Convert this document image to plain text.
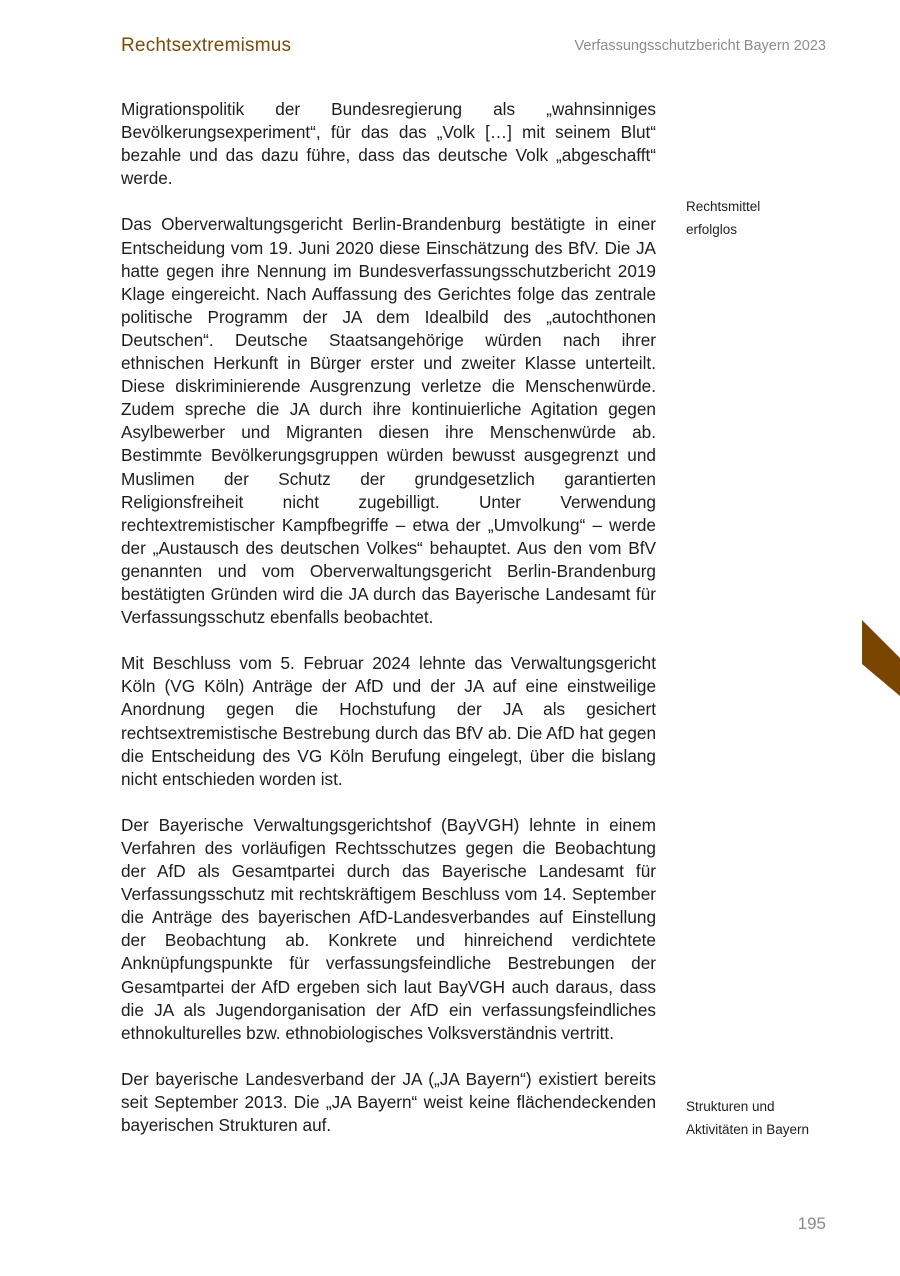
Rechtsextremismus	Verfassungsschutzbericht Bayern 2023

Migrationspolitik der Bundesregierung als „wahnsinniges Bevölkerungsexperiment“, für das das „Volk […] mit seinem Blut“ bezahle und das dazu führe, dass das deutsche Volk „abgeschafft“ werde.

Das Oberverwaltungsgericht Berlin-Brandenburg bestätigte in einer Entscheidung vom 19. Juni 2020 diese Einschätzung des BfV. Die JA hatte gegen ihre Nennung im Bundesverfassungsschutzbericht 2019 Klage eingereicht. Nach Auffassung des Gerichtes folge das zentrale politische Programm der JA dem Idealbild des „autochthonen Deutschen“. Deutsche Staatsangehörige würden nach ihrer ethnischen Herkunft in Bürger erster und zweiter Klasse unterteilt. Diese diskriminierende Ausgrenzung verletze die Menschenwürde. Zudem spreche die JA durch ihre kontinuierliche Agitation gegen Asylbewerber und Migranten diesen ihre Menschenwürde ab. Bestimmte Bevölkerungsgruppen würden bewusst ausgegrenzt und Muslimen der Schutz der grundgesetzlich garantierten Religionsfreiheit nicht zugebilligt. Unter Verwendung rechtextremistischer Kampfbegriffe – etwa der „Umvolkung“ – werde der „Austausch des deutschen Volkes“ behauptet. Aus den vom BfV genannten und vom Oberverwaltungsgericht Berlin-Brandenburg bestätigten Gründen wird die JA durch das Bayerische Landesamt für Verfassungsschutz ebenfalls beobachtet.

Mit Beschluss vom 5. Februar 2024 lehnte das Verwaltungsgericht Köln (VG Köln) Anträge der AfD und der JA auf eine einstweilige Anordnung gegen die Hochstufung der JA als gesichert rechtsextremistische Bestrebung durch das BfV ab. Die AfD hat gegen die Entscheidung des VG Köln Berufung eingelegt, über die bislang nicht entschieden worden ist.

Der Bayerische Verwaltungsgerichtshof (BayVGH) lehnte in einem Verfahren des vorläufigen Rechtsschutzes gegen die Beobachtung der AfD als Gesamtpartei durch das Bayerische Landesamt für Verfassungsschutz mit rechtskräftigem Beschluss vom 14. September die Anträge des bayerischen AfD-Landesverbandes auf Einstellung der Beobachtung ab. Konkrete und hinreichend verdichtete Anknüpfungspunkte für verfassungsfeindliche Bestrebungen der Gesamtpartei der AfD ergeben sich laut BayVGH auch daraus, dass die JA als Jugendorganisation der AfD ein verfassungsfeindliches ethnokulturelles bzw. ethnobiologisches Volksverständnis vertritt.

Der bayerische Landesverband der JA („JA Bayern“) existiert bereits seit September 2013. Die „JA Bayern“ weist keine flächendeckenden bayerischen Strukturen auf.

Rechtsmittel
erfolglos
Strukturen und
Aktivitäten in Bayern
195
